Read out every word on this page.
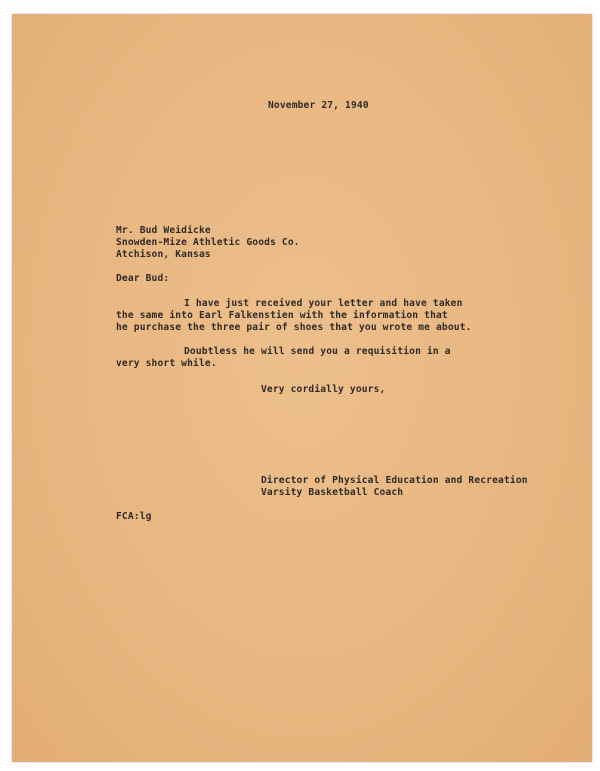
November 27, 1940
Mr. Bud Weidicke
Snowden-Mize Athletic Goods Co.
Atchison, Kansas
Dear Bud:
I have just received your letter and have taken
the same into Earl Falkenstien with the information that
he purchase the three pair of shoes that you wrote me about.
Doubtless he will send you a requisition in a
very short while.
Very cordially yours,
Director of Physical Education and Recreation
Varsity Basketball Coach
FCA:lg
